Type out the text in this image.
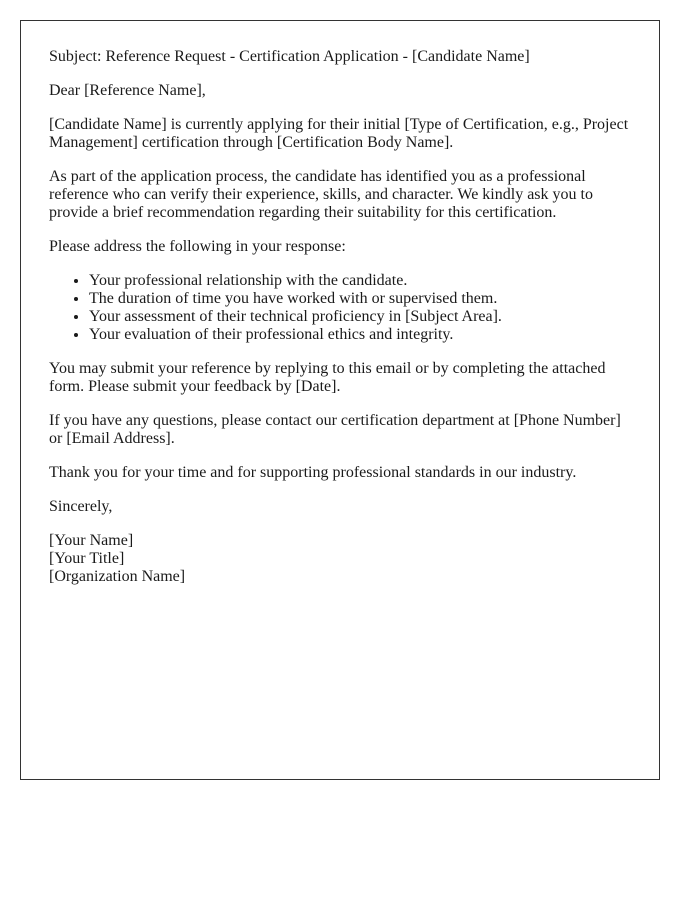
Subject: Reference Request - Certification Application - [Candidate Name]

Dear [Reference Name],

[Candidate Name] is currently applying for their initial [Type of Certification, e.g., Project Management] certification through [Certification Body Name].

As part of the application process, the candidate has identified you as a professional reference who can verify their experience, skills, and character. We kindly ask you to provide a brief recommendation regarding their suitability for this certification.

Please address the following in your response:

• Your professional relationship with the candidate.
• The duration of time you have worked with or supervised them.
• Your assessment of their technical proficiency in [Subject Area].
• Your evaluation of their professional ethics and integrity.

You may submit your reference by replying to this email or by completing the attached form. Please submit your feedback by [Date].

If you have any questions, please contact our certification department at [Phone Number] or [Email Address].

Thank you for your time and for supporting professional standards in our industry.

Sincerely,

[Your Name]
[Your Title]
[Organization Name]
